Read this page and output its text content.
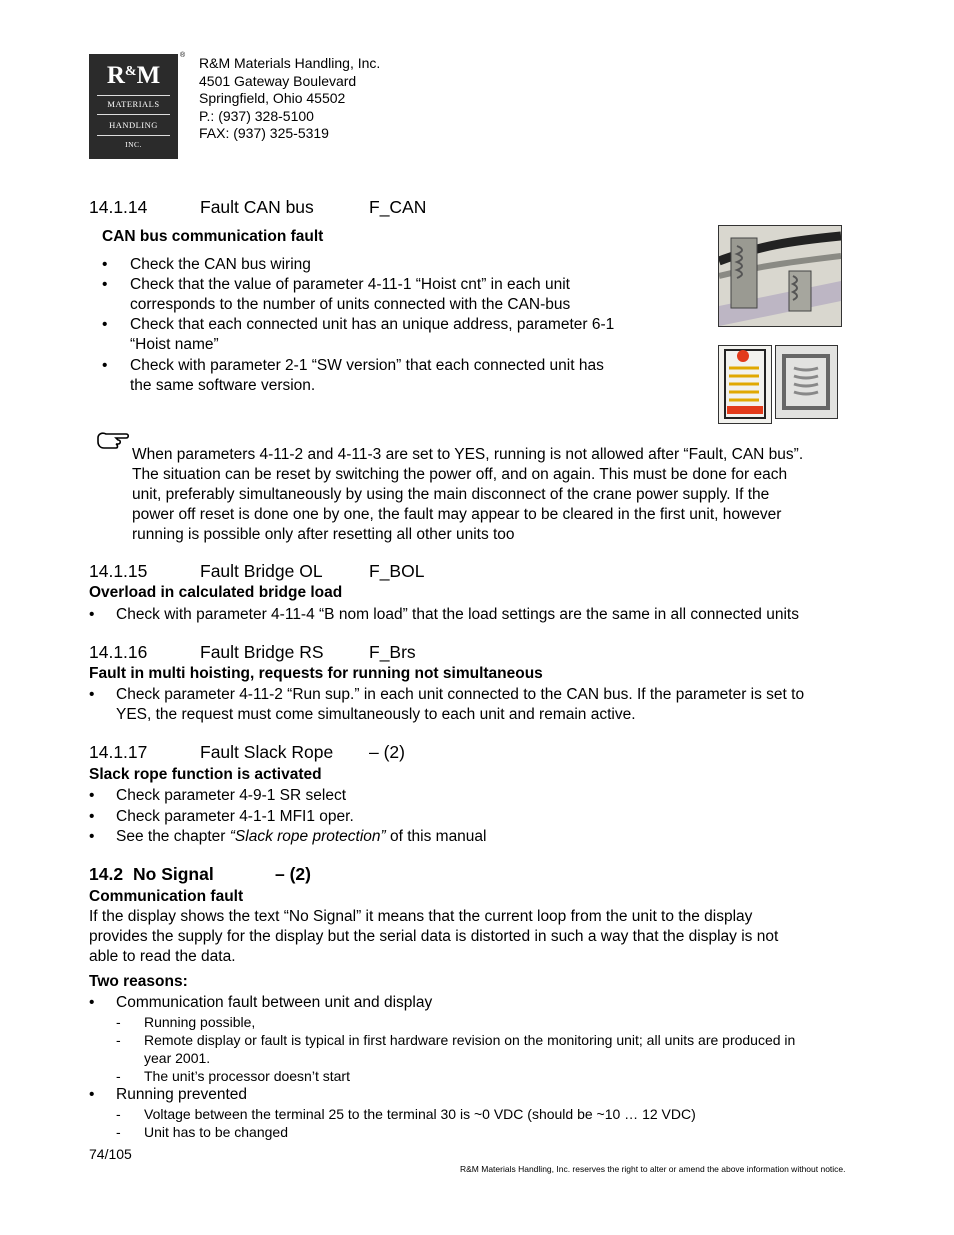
R&M
MATERIALS
HANDLING
INC.
® R&M Materials Handling, Inc.
4501 Gateway Boulevard
Springfield, Ohio 45502
P.: (937) 328-5100
FAX: (937) 325-5319
14.1.14	Fault CAN bus	F_CAN
CAN bus communication fault
• Check the CAN bus wiring
• Check that the value of parameter 4-11-1 “Hoist cnt” in each unit
corresponds to the number of units connected with the CAN-bus
• Check that each connected unit has an unique address, parameter 6-1
“Hoist name”
• Check with parameter 2-1 “SW version” that each connected unit has
the same software version.
When parameters 4-11-2 and 4-11-3 are set to YES, running is not allowed after “Fault, CAN bus”.
The situation can be reset by switching the power off, and on again. This must be done for each
unit, preferably simultaneously by using the main disconnect of the crane power supply. If the
power off reset is done one by one, the fault may appear to be cleared in the first unit, however
running is possible only after resetting all other units too
14.1.15	Fault Bridge OL	F_BOL
Overload in calculated bridge load
• Check with parameter 4-11-4 “B nom load” that the load settings are the same in all connected units
14.1.16	Fault Bridge RS	F_Brs
Fault in multi hoisting, requests for running not simultaneous
• Check parameter 4-11-2 “Run sup.” in each unit connected to the CAN bus. If the parameter is set to
YES, the request must come simultaneously to each unit and remain active.
14.1.17	Fault Slack Rope – (2)
Slack rope function is activated
• Check parameter 4-9-1 SR select
• Check parameter 4-1-1 MFI1 oper.
• See the chapter “Slack rope protection” of this manual
14.2 No Signal	– (2)
Communication fault
If the display shows the text “No Signal” it means that the current loop from the unit to the display
provides the supply for the display but the serial data is distorted in such a way that the display is not
able to read the data.
Two reasons:
• Communication fault between unit and display
- Running possible,
- Remote display or fault is typical in first hardware revision on the monitoring unit; all units are produced in
year 2001.
- The unit’s processor doesn’t start
• Running prevented
- Voltage between the terminal 25 to the terminal 30 is ~0 VDC (should be ~10 … 12 VDC)
- Unit has to be changed
74/105
R&M Materials Handling, Inc. reserves the right to alter or amend the above information without notice.
